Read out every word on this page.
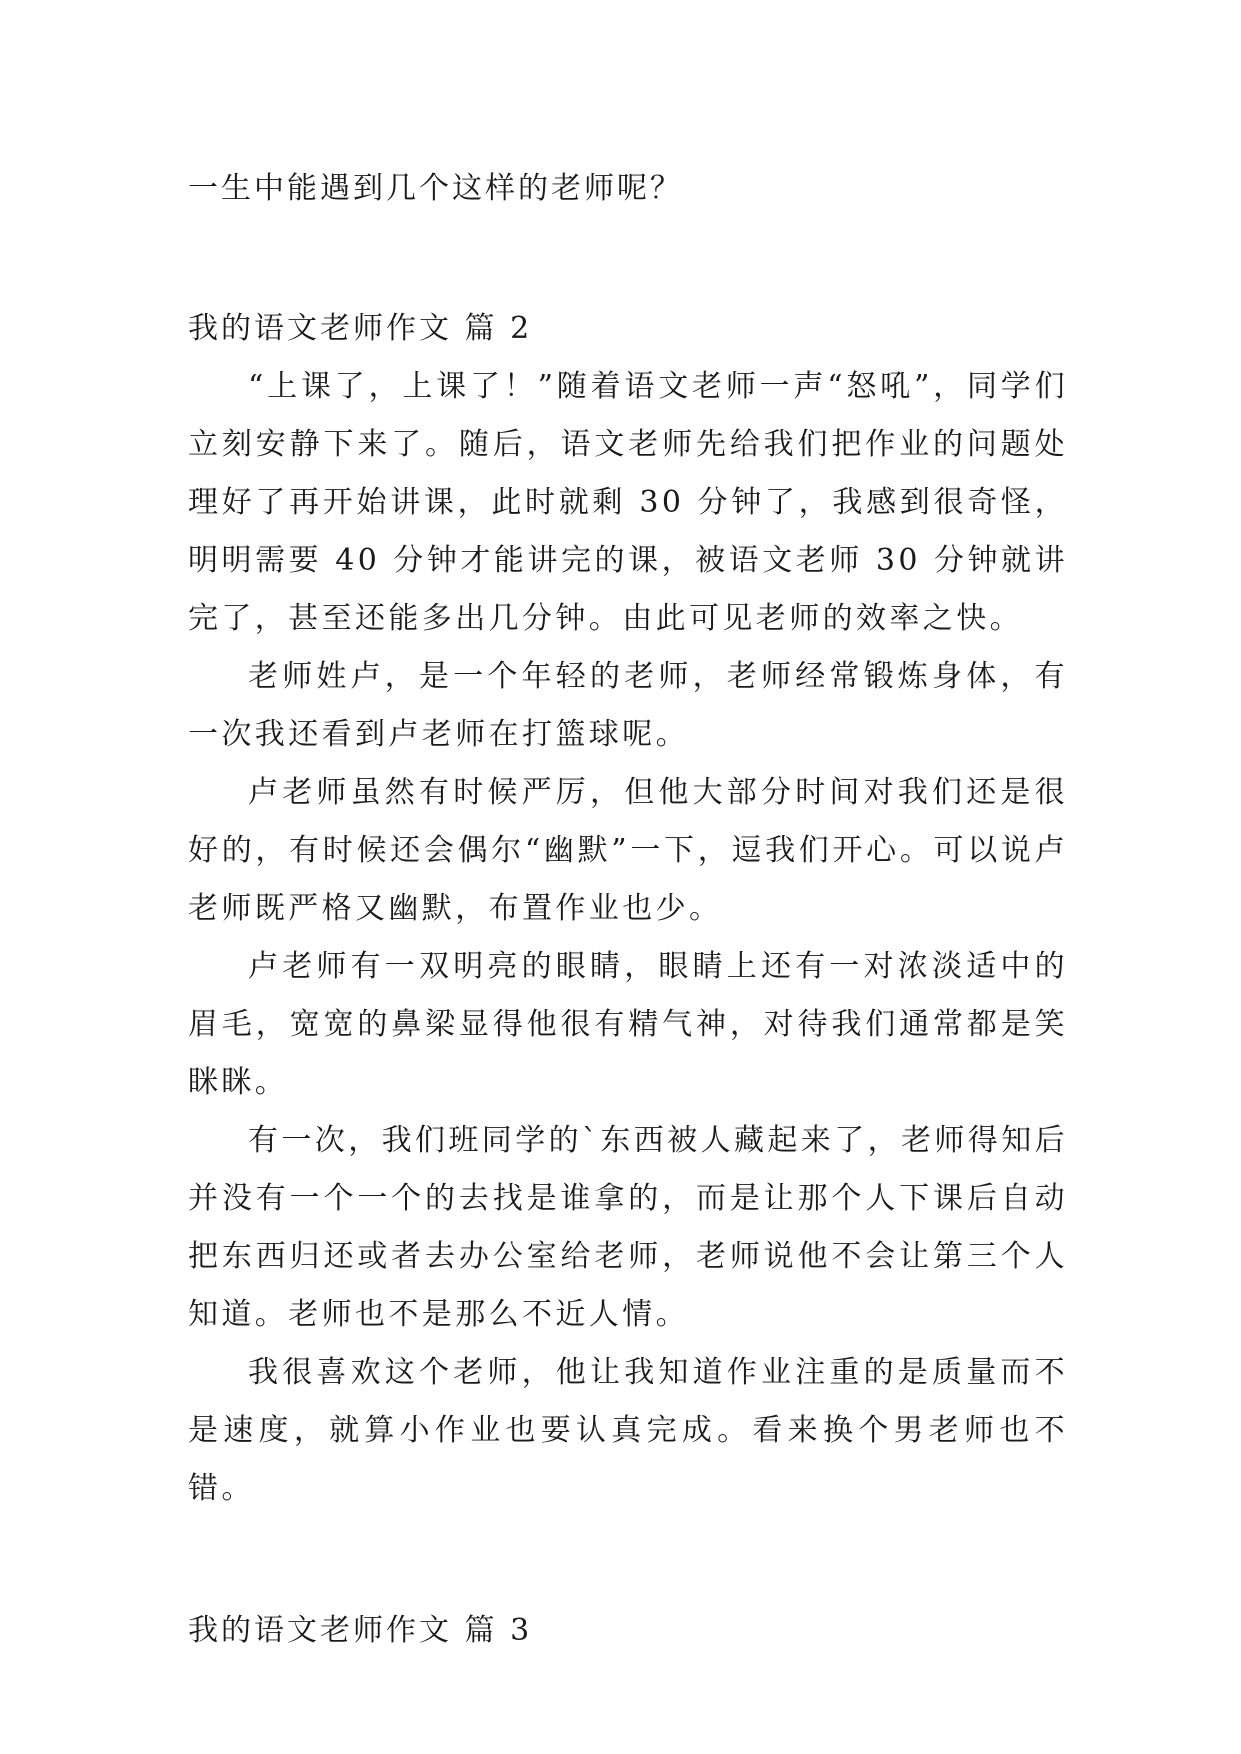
一生中能遇到几个这样的老师呢？

我的语文老师作文 篇 2

“上课了，上课了！”随着语文老师一声“怒吼”，同学们立刻安静下来了。随后，语文老师先给我们把作业的问题处理好了再开始讲课，此时就剩 30 分钟了，我感到很奇怪，明明需要 40 分钟才能讲完的课，被语文老师 30 分钟就讲完了，甚至还能多出几分钟。由此可见老师的效率之快。

老师姓卢，是一个年轻的老师，老师经常锻炼身体，有一次我还看到卢老师在打篮球呢。

卢老师虽然有时候严厉，但他大部分时间对我们还是很好的，有时候还会偶尔“幽默”一下，逗我们开心。可以说卢老师既严格又幽默，布置作业也少。

卢老师有一双明亮的眼睛，眼睛上还有一对浓淡适中的眉毛，宽宽的鼻梁显得他很有精气神，对待我们通常都是笑眯眯。

有一次，我们班同学的`东西被人藏起来了，老师得知后并没有一个一个的去找是谁拿的，而是让那个人下课后自动把东西归还或者去办公室给老师，老师说他不会让第三个人知道。老师也不是那么不近人情。

我很喜欢这个老师，他让我知道作业注重的是质量而不是速度，就算小作业也要认真完成。看来换个男老师也不错。

我的语文老师作文 篇 3
